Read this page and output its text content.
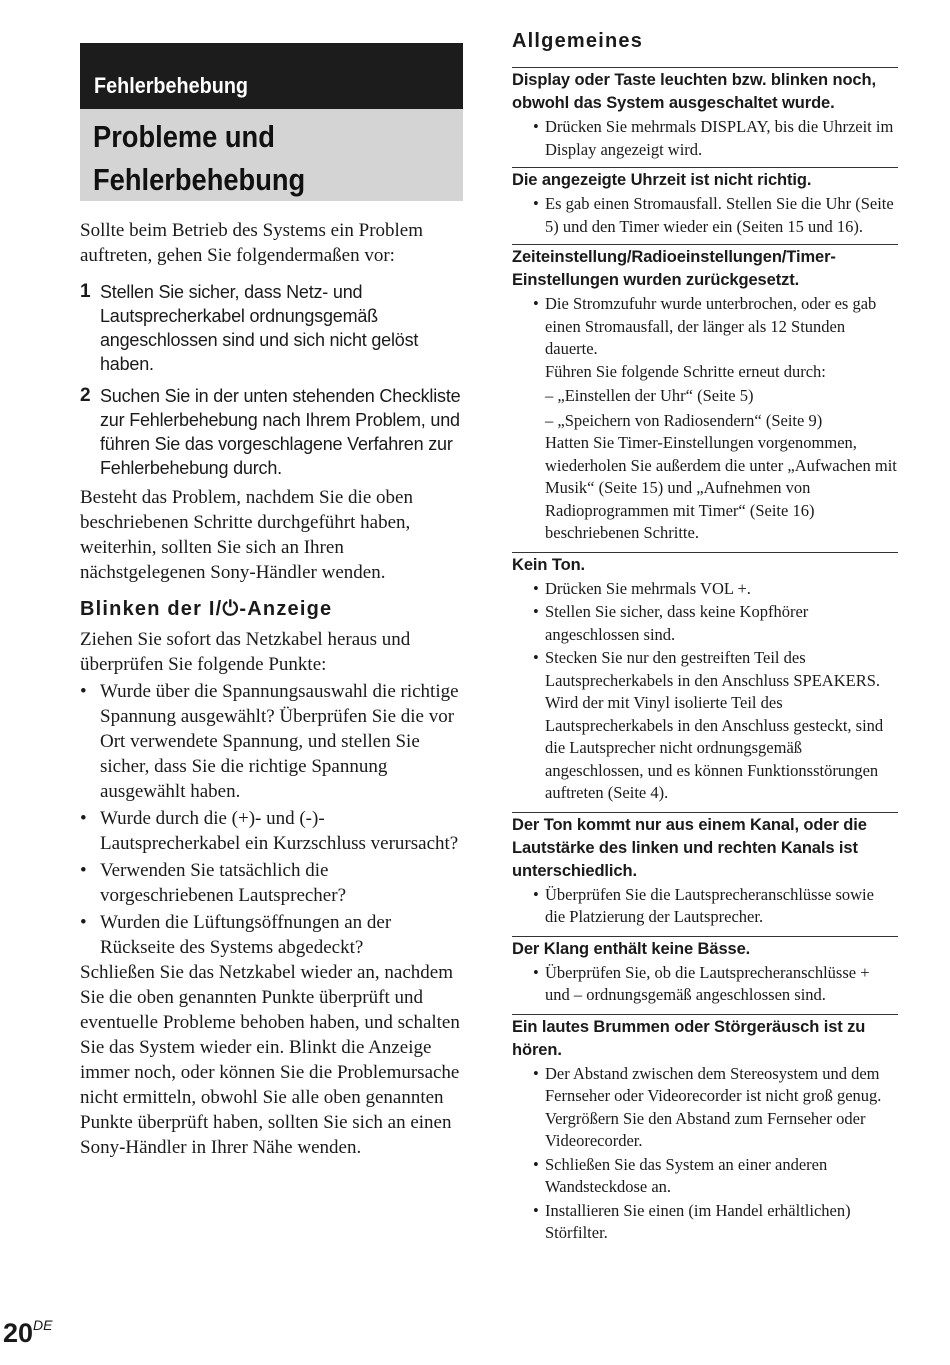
Fehlerbehebung
Probleme und
Fehlerbehebung

Sollte beim Betrieb des Systems ein Problem auftreten, gehen Sie folgendermaßen vor:

1 Stellen Sie sicher, dass Netz- und Lautsprecherkabel ordnungsgemäß angeschlossen sind und sich nicht gelöst haben.
2 Suchen Sie in der unten stehenden Checkliste zur Fehlerbehebung nach Ihrem Problem, und führen Sie das vorgeschlagene Verfahren zur Fehlerbehebung durch.

Besteht das Problem, nachdem Sie die oben beschriebenen Schritte durchgeführt haben, weiterhin, sollten Sie sich an Ihren nächstgelegenen Sony-Händler wenden.

Blinken der I/⏻-Anzeige

Ziehen Sie sofort das Netzkabel heraus und überprüfen Sie folgende Punkte:

• Wurde über die Spannungsauswahl die richtige Spannung ausgewählt? Überprüfen Sie die vor Ort verwendete Spannung, und stellen Sie sicher, dass Sie die richtige Spannung ausgewählt haben.
• Wurde durch die (+)- und (-)-Lautsprecherkabel ein Kurzschluss verursacht?
• Verwenden Sie tatsächlich die vorgeschriebenen Lautsprecher?
• Wurden die Lüftungsöffnungen an der Rückseite des Systems abgedeckt?

Schließen Sie das Netzkabel wieder an, nachdem Sie die oben genannten Punkte überprüft und eventuelle Probleme behoben haben, und schalten Sie das System wieder ein. Blinkt die Anzeige immer noch, oder können Sie die Problemursache nicht ermitteln, obwohl Sie alle oben genannten Punkte überprüft haben, sollten Sie sich an einen Sony-Händler in Ihrer Nähe wenden.

Allgemeines

Display oder Taste leuchten bzw. blinken noch, obwohl das System ausgeschaltet wurde.

• Drücken Sie mehrmals DISPLAY, bis die Uhrzeit im Display angezeigt wird.

Die angezeigte Uhrzeit ist nicht richtig.

• Es gab einen Stromausfall. Stellen Sie die Uhr (Seite 5) und den Timer wieder ein (Seiten 15 und 16).

Zeiteinstellung/Radioeinstellungen/Timer-Einstellungen wurden zurückgesetzt.

• Die Stromzufuhr wurde unterbrochen, oder es gab einen Stromausfall, der länger als 12 Stunden dauerte.
Führen Sie folgende Schritte erneut durch:
– „Einstellen der Uhr“ (Seite 5)
– „Speichern von Radiosendern“ (Seite 9)
Hatten Sie Timer-Einstellungen vorgenommen, wiederholen Sie außerdem die unter „Aufwachen mit Musik“ (Seite 15) und „Aufnehmen von Radioprogrammen mit Timer“ (Seite 16) beschriebenen Schritte.

Kein Ton.

• Drücken Sie mehrmals VOL +.
• Stellen Sie sicher, dass keine Kopfhörer angeschlossen sind.
• Stecken Sie nur den gestreiften Teil des Lautsprecherkabels in den Anschluss SPEAKERS. Wird der mit Vinyl isolierte Teil des Lautsprecherkabels in den Anschluss gesteckt, sind die Lautsprecher nicht ordnungsgemäß angeschlossen, und es können Funktionsstörungen auftreten (Seite 4).

Der Ton kommt nur aus einem Kanal, oder die Lautstärke des linken und rechten Kanals ist unterschiedlich.

• Überprüfen Sie die Lautsprecheranschlüsse sowie die Platzierung der Lautsprecher.

Der Klang enthält keine Bässe.

• Überprüfen Sie, ob die Lautsprecheranschlüsse + und – ordnungsgemäß angeschlossen sind.

Ein lautes Brummen oder Störgeräusch ist zu hören.

• Der Abstand zwischen dem Stereosystem und dem Fernseher oder Videorecorder ist nicht groß genug. Vergrößern Sie den Abstand zum Fernseher oder Videorecorder.
• Schließen Sie das System an einer anderen Wandsteckdose an.
• Installieren Sie einen (im Handel erhältlichen) Störfilter.
20DE
